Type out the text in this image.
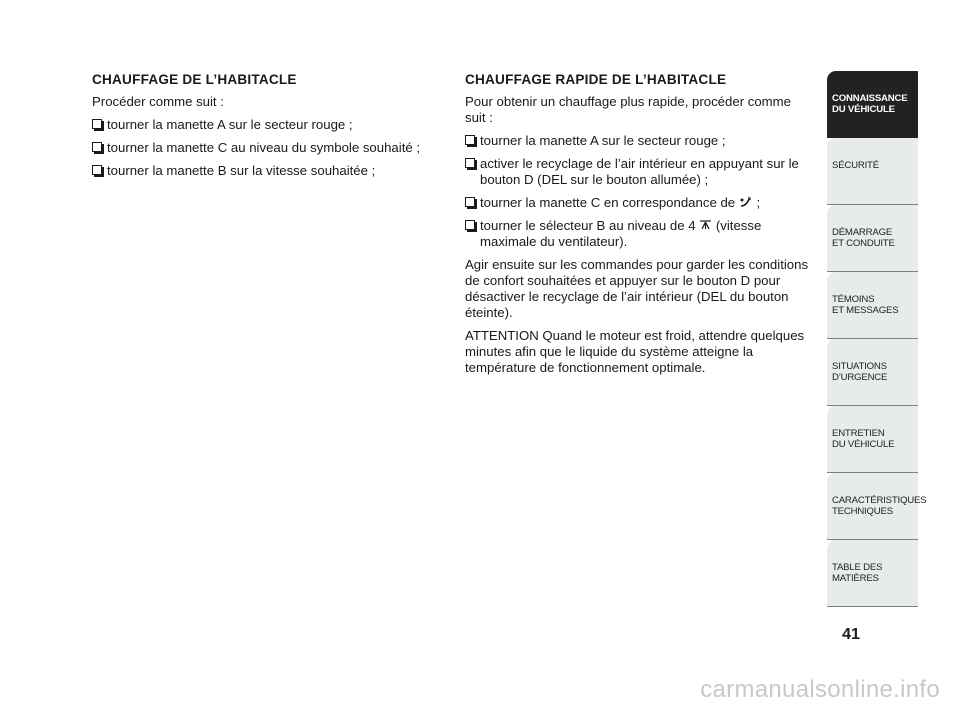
CHAUFFAGE DE L’HABITACLE
Procéder comme suit :
tourner la manette A sur le secteur rouge ;
tourner la manette C au niveau du symbole souhaité ;
tourner la manette B sur la vitesse souhaitée ;
CHAUFFAGE RAPIDE DE L’HABITACLE
Pour obtenir un chauffage plus rapide, procéder comme suit :
tourner la manette A sur le secteur rouge ;
activer le recyclage de l’air intérieur en appuyant sur le bouton D (DEL sur le bouton allumée) ;
tourner la manette C en correspondance de ;
tourner le sélecteur B au niveau de 4 (vitesse maximale du ventilateur).
Agir ensuite sur les commandes pour garder les conditions de confort souhaitées et appuyer sur le bouton D pour désactiver le recyclage de l’air intérieur (DEL du bouton éteinte).
ATTENTION Quand le moteur est froid, attendre quelques minutes afin que le liquide du système atteigne la température de fonctionnement optimale.
CONNAISSANCE
DU VÉHICULE
SÉCURITÉ
DÉMARRAGE
ET CONDUITE
TÉMOINS
ET MESSAGES
SITUATIONS
D’URGENCE
ENTRETIEN
DU VÉHICULE
CARACTÉRISTIQUES
TECHNIQUES
TABLE DES
MATIÈRES
41
carmanualsonline.info
